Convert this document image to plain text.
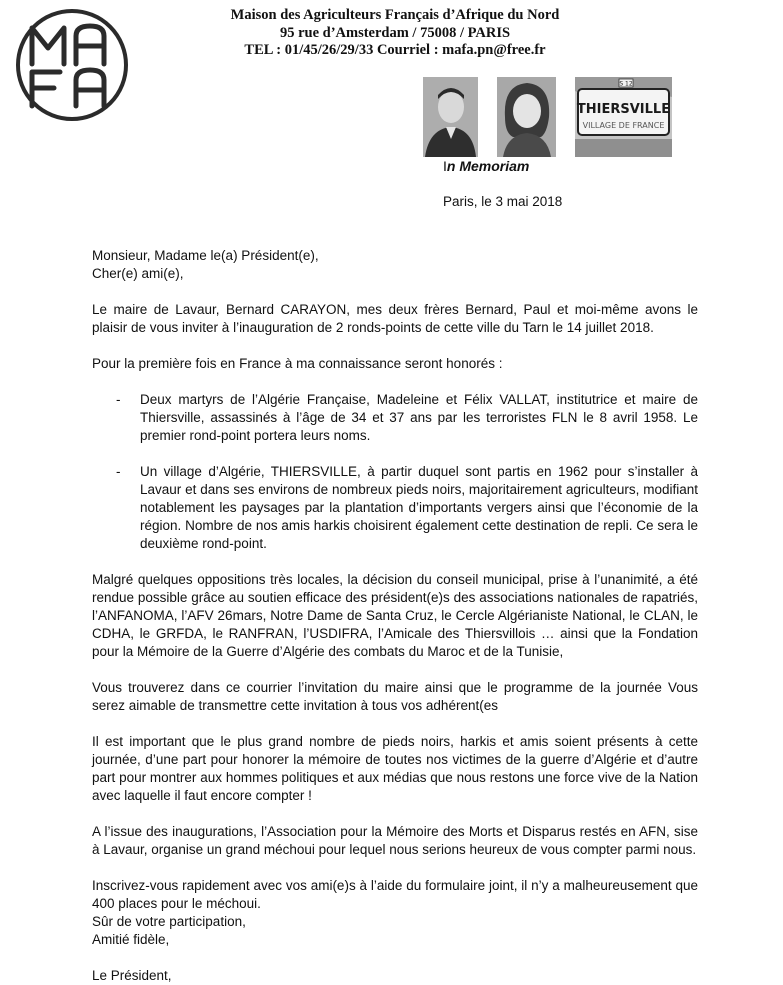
Maison des Agriculteurs Français d’Afrique du Nord
95 rue d’Amsterdam / 75008 / PARIS
TEL : 01/45/26/29/33 Courriel : mafa.pn@free.fr
S 12
THIERSVILLE
VILLAGE DE FRANCE
In Memoriam
Paris, le 3 mai 2018

Monsieur, Madame le(a) Président(e),

Cher(e) ami(e),

Le maire de Lavaur, Bernard CARAYON, mes deux frères Bernard, Paul et moi-même avons le plaisir de vous inviter à l’inauguration de 2 ronds-points de cette ville du Tarn le 14 juillet 2018.

Pour la première fois en France à ma connaissance seront honorés :

- Deux martyrs de l’Algérie Française, Madeleine et Félix VALLAT, institutrice et maire de Thiersville, assassinés à l’âge de 34 et 37 ans par les terroristes FLN le 8 avril 1958. Le premier rond-point portera leurs noms.
- Un village d’Algérie, THIERSVILLE, à partir duquel sont partis en 1962 pour s’installer à Lavaur et dans ses environs de nombreux pieds noirs, majoritairement agriculteurs, modifiant notablement les paysages par la plantation d’importants vergers ainsi que l’économie de la région. Nombre de nos amis harkis choisirent également cette destination de repli. Ce sera le deuxième rond-point.

Malgré quelques oppositions très locales, la décision du conseil municipal, prise à l’unanimité, a été rendue possible grâce au soutien efficace des président(e)s des associations nationales de rapatriés, l’ANFANOMA, l’AFV 26mars, Notre Dame de Santa Cruz, le Cercle Algérianiste National, le CLAN, le CDHA, le GRFDA, le RANFRAN, l’USDIFRA, l’Amicale des Thiersvillois … ainsi que la Fondation pour la Mémoire de la Guerre d’Algérie des combats du Maroc et de la Tunisie,

Vous trouverez dans ce courrier l’invitation du maire ainsi que le programme de la journée Vous serez aimable de transmettre cette invitation à tous vos adhérent(es

Il est important que le plus grand nombre de pieds noirs, harkis et amis soient présents à cette journée, d’une part pour honorer la mémoire de toutes nos victimes de la guerre d’Algérie et d’autre part pour montrer aux hommes politiques et aux médias que nous restons une force vive de la Nation avec laquelle il faut encore compter !

A l’issue des inaugurations, l’Association pour la Mémoire des Morts et Disparus restés en AFN, sise à Lavaur, organise un grand méchoui pour lequel nous serions heureux de vous compter parmi nous.

Inscrivez-vous rapidement avec vos ami(e)s à l’aide du formulaire joint, il n’y a malheureusement que 400 places pour le méchoui.

Sûr de votre participation,

Amitié fidèle,

Le Président,
